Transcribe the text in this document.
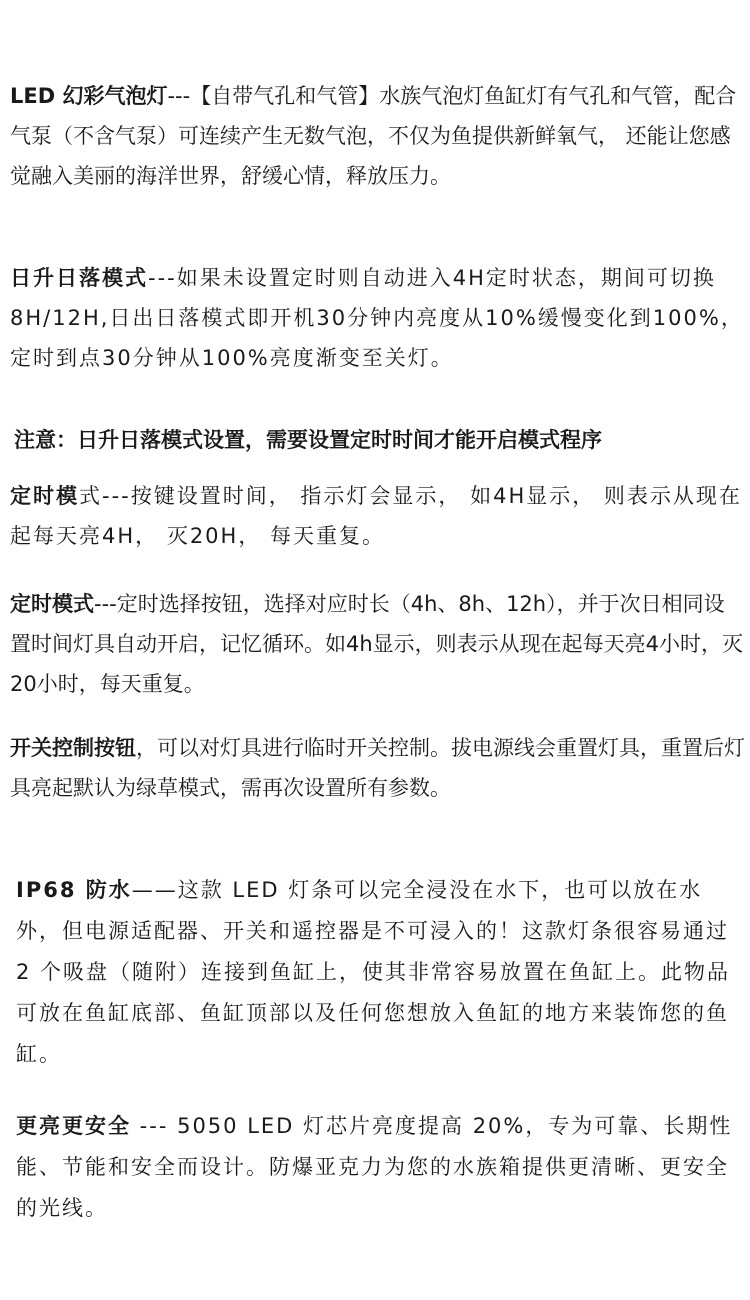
LED 幻彩气泡灯---【自带气孔和气管】水族气泡灯鱼缸灯有气孔和气管，配合气泵（不含气泵）可连续产生无数气泡，不仅为鱼提供新鲜氧气， 还能让您感觉融入美丽的海洋世界，舒缓心情，释放压力。

日升日落模式---如果未设置定时则自动进入4H定时状态，期间可切换8H/12H,日出日落模式即开机30分钟内亮度从10%缓慢变化到100%， 定时到点30分钟从100%亮度渐变至关灯。

注意：日升日落模式设置，需要设置定时时间才能开启模式程序

定时模式---按键设置时间， 指示灯会显示， 如4H显示， 则表示从现在起每天亮4H， 灭20H， 每天重复。

定时模式---定时选择按钮，选择对应时长（4h、8h、12h），并于次日相同设置时间灯具自动开启，记忆循环。如4h显示，则表示从现在起每天亮4小时，灭20小时，每天重复。

开关控制按钮，可以对灯具进行临时开关控制。拔电源线会重置灯具，重置后灯具亮起默认为绿草模式，需再次设置所有参数。

IP68 防水——这款 LED 灯条可以完全浸没在水下，也可以放在水外，但电源适配器、开关和遥控器是不可浸入的！这款灯条很容易通过 2 个吸盘（随附）连接到鱼缸上，使其非常容易放置在鱼缸上。此物品可放在鱼缸底部、鱼缸顶部以及任何您想放入鱼缸的地方来装饰您的鱼缸。

更亮更安全 --- 5050 LED 灯芯片亮度提高 20%，专为可靠、长期性能、节能和安全而设计。防爆亚克力为您的水族箱提供更清晰、更安全的光线。
